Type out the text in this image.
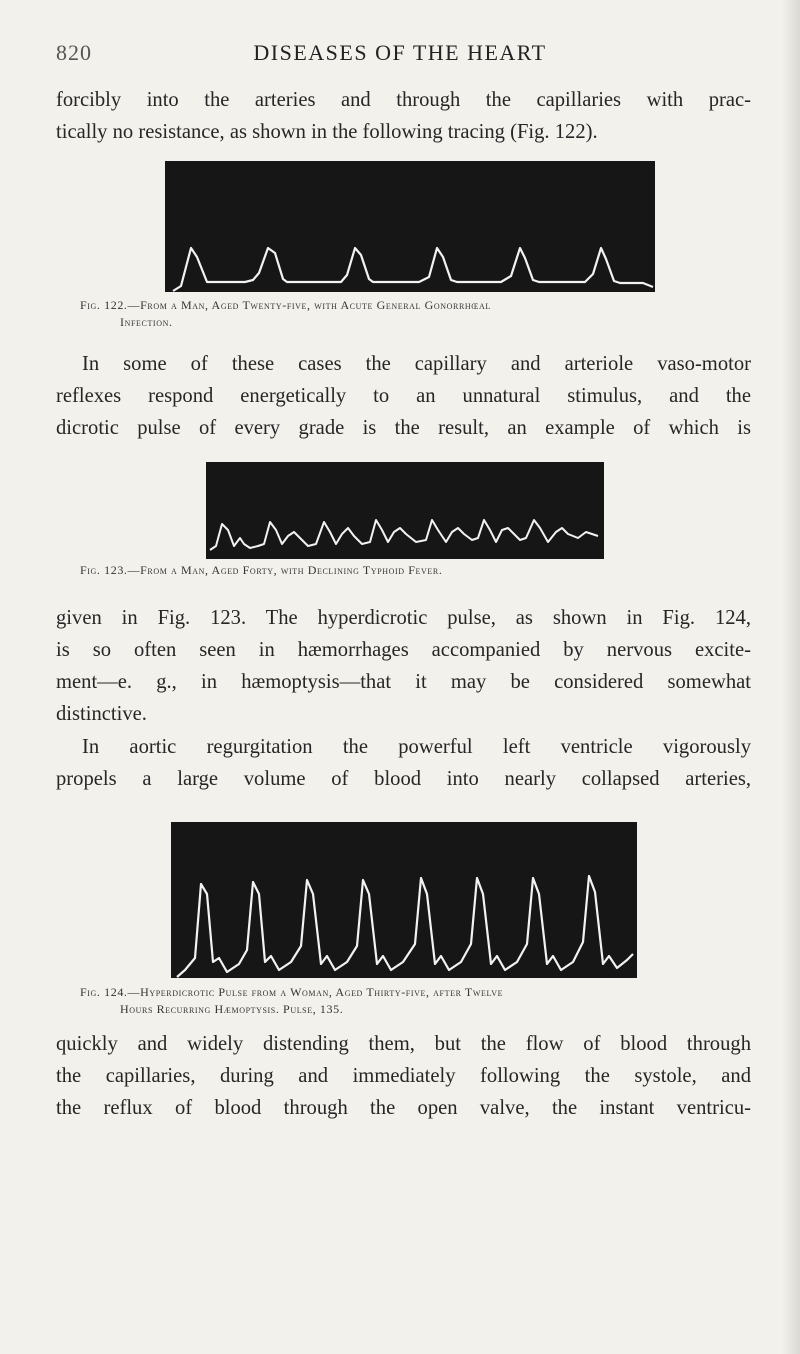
820	DISEASES OF THE HEART
forcibly into the arteries and through the capillaries with prac-
tically no resistance, as shown in the following tracing (Fig. 122).
Fig. 122.—From a Man, Aged Twenty-five, with Acute General Gonorrhœal
Infection.
In some of these cases the capillary and arteriole vaso-motor
reflexes respond energetically to an unnatural stimulus, and the
dicrotic pulse of every grade is the result, an example of which is
Fig. 123.—From a Man, Aged Forty, with Declining Typhoid Fever.
given in Fig. 123. The hyperdicrotic pulse, as shown in Fig. 124,
is so often seen in hæmorrhages accompanied by nervous excite-
ment—e. g., in hæmoptysis—that it may be considered somewhat
distinctive.
In aortic regurgitation the powerful left ventricle vigorously
propels a large volume of blood into nearly collapsed arteries,
Fig. 124.—Hyperdicrotic Pulse from a Woman, Aged Thirty-five, after Twelve
Hours Recurring Hæmoptysis. Pulse, 135.
quickly and widely distending them, but the flow of blood through
the capillaries, during and immediately following the systole, and
the reflux of blood through the open valve, the instant ventricu-
